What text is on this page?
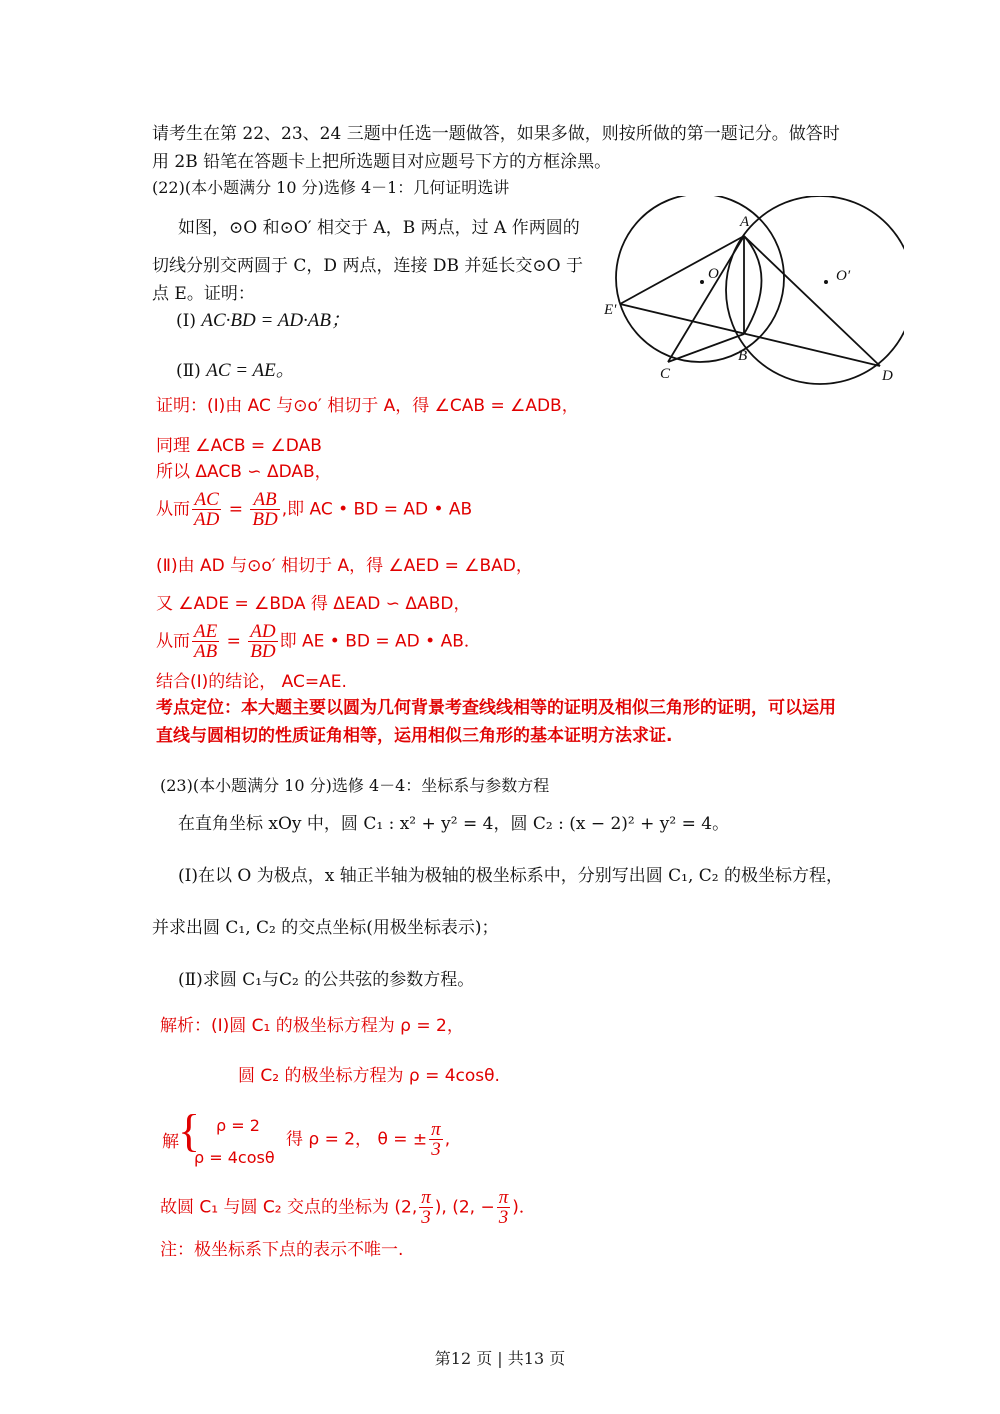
请考生在第 22、23、24 三题中任选一题做答，如果多做，则按所做的第一题记分。做答时
用 2B 铅笔在答题卡上把所选题目对应题号下方的方框涂黑。
(22)(本小题满分 10 分)选修 4－1：几何证明选讲
如图，⊙O 和⊙O′ 相交于 A，B 两点，过 A 作两圆的
切线分别交两圆于 C，D 两点，连接 DB 并延长交⊙O 于
点 E。证明：
(Ⅰ) AC·BD = AD·AB；
(Ⅱ) AC = AE。
A
B
C	D
E'
O	O′
证明：(Ⅰ)由 AC 与⊙o′ 相切于 A，得 ∠CAB = ∠ADB，
同理 ∠ACB = ∠DAB
所以 ΔACB ∽ ΔDAB，
从而 $\frac{AC}{AD} = \frac{AB}{BD}$ ,即 AC • BD = AD • AB
(Ⅱ)由 AD 与⊙o′ 相切于 A，得 ∠AED = ∠BAD，
又 ∠ADE = ∠BDA 得 ΔEAD ∽ ΔABD，
从而 $\frac{AE}{AB} = \frac{AD}{BD}$ 即 AE • BD = AD • AB．
结合(Ⅰ)的结论， AC=AE.
考点定位：本大题主要以圆为几何背景考查线线相等的证明及相似三角形的证明，可以运用
直线与圆相切的性质证角相等，运用相似三角形的基本证明方法求证.
(23)(本小题满分 10 分)选修 4－4：坐标系与参数方程
在直角坐标 xOy 中，圆 C₁ : x² + y² = 4，圆 C₂ : (x − 2)² + y² = 4。
(Ⅰ)在以 O 为极点，x 轴正半轴为极轴的极坐标系中，分别写出圆 C₁, C₂ 的极坐标方程，
并求出圆 C₁, C₂ 的交点坐标(用极坐标表示)；
(Ⅱ)求圆 C₁与C₂ 的公共弦的参数方程。
解析：(Ⅰ)圆 C₁ 的极坐标方程为 ρ = 2，
圆 C₂ 的极坐标方程为 ρ = 4cosθ.
解 { ρ = 2
ρ = 4cosθ
得 ρ = 2， θ = ± $\frac{\pi}{3}$ ,
故圆 C₁ 与圆 C₂ 交点的坐标为 (2, $\frac{\pi}{3}$ ), (2, − $\frac{\pi}{3}$ )．
注：极坐标系下点的表示不唯一.
第12 页 | 共13 页
